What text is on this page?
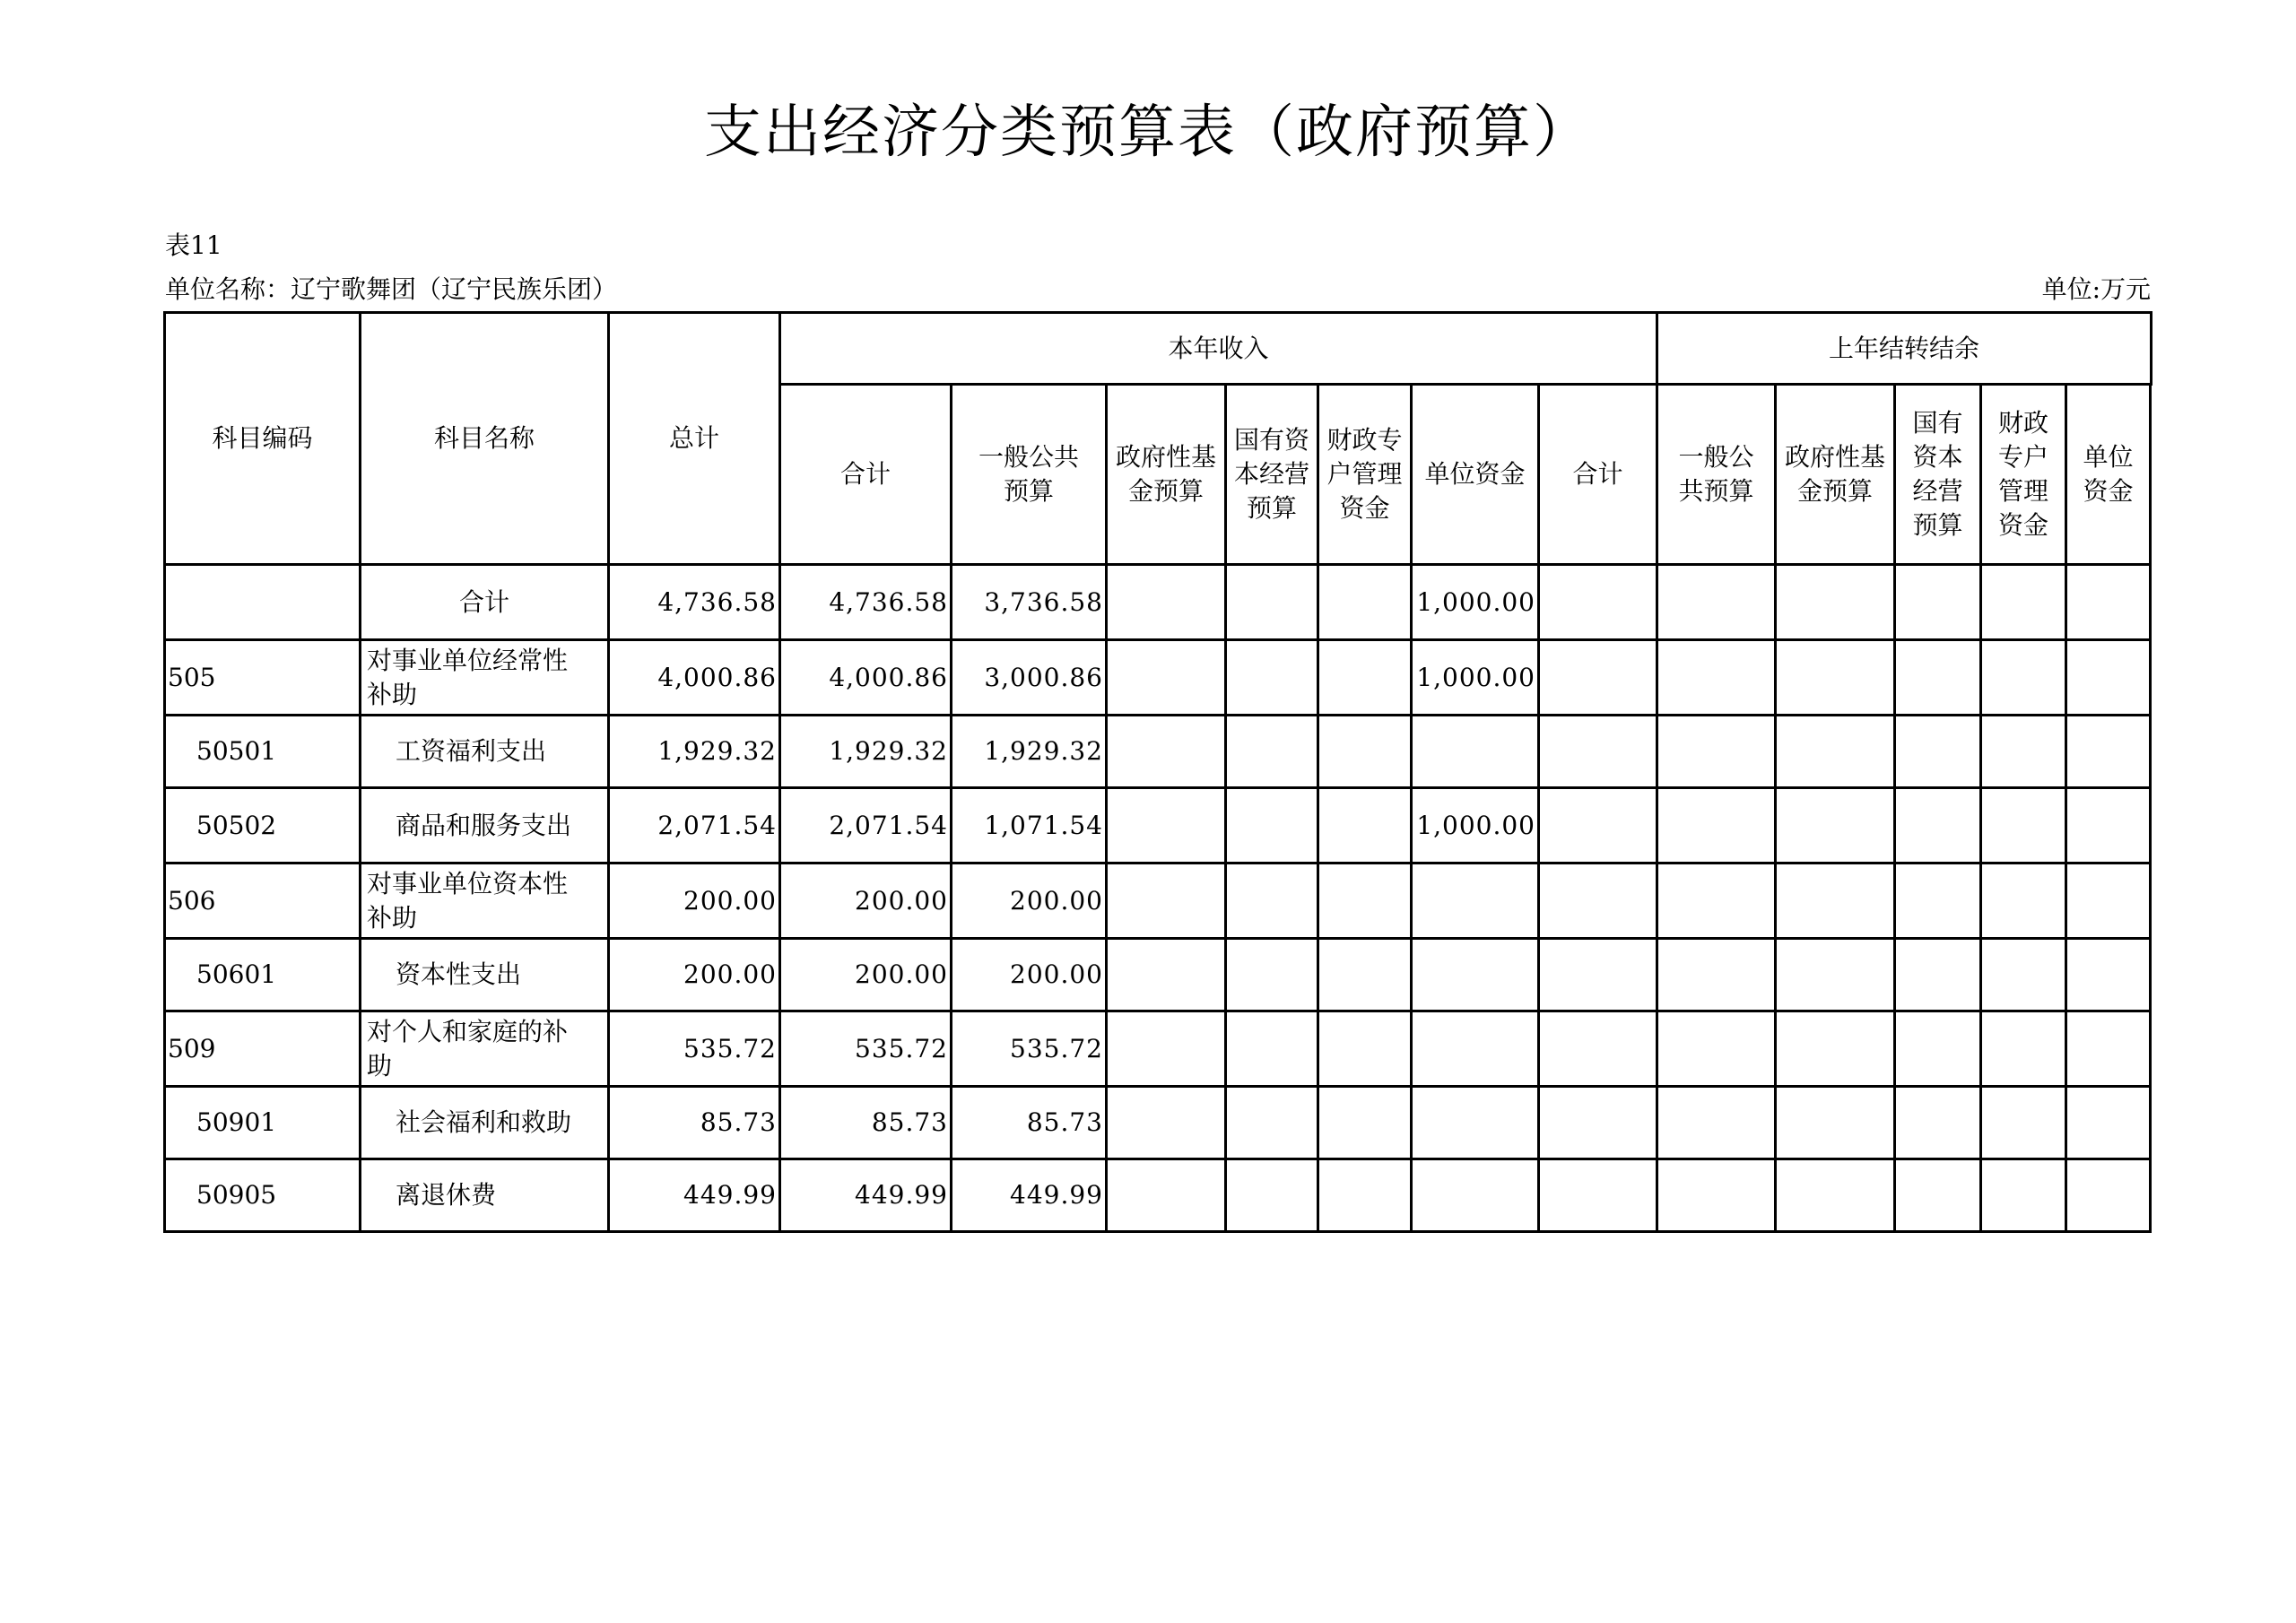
支出经济分类预算表（政府预算）
表11
单位名称：辽宁歌舞团（辽宁民族乐团）	单位:万元
科目编码	科目名称	总计	本年收入							上年结转结余				
			合计	一般公共预算	政府性基金预算	国有资本经营预算	财政专户管理资金	单位资金	合计	一般公共预算	政府性基金预算	国有资本经营预算	财政专户管理资金	单位资金
	合计	4,736.58	4,736.58	3,736.58				1,000.00						
505	对事业单位经常性补助	4,000.86	4,000.86	3,000.86				1,000.00						
50501	工资福利支出	1,929.32	1,929.32	1,929.32										
50502	商品和服务支出	2,071.54	2,071.54	1,071.54				1,000.00						
506	对事业单位资本性补助	200.00	200.00	200.00										
50601	资本性支出	200.00	200.00	200.00										
509	对个人和家庭的补助	535.72	535.72	535.72										
50901	社会福利和救助	85.73	85.73	85.73										
50905	离退休费	449.99	449.99	449.99										
